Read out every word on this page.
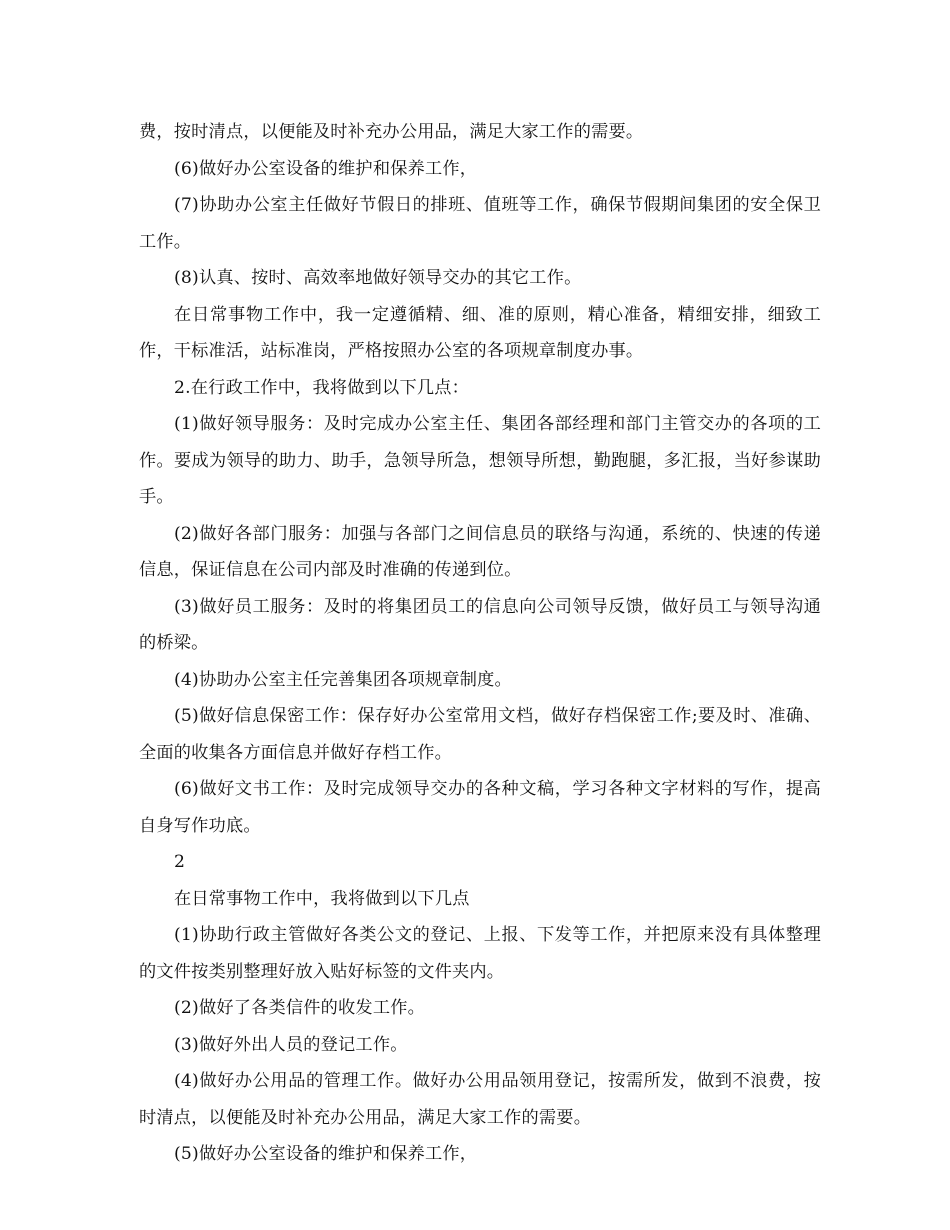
费，按时清点，以便能及时补充办公用品，满足大家工作的需要。

(6)做好办公室设备的维护和保养工作，

(7)协助办公室主任做好节假日的排班、值班等工作，确保节假期间集团的安全保卫工作。

(8)认真、按时、高效率地做好领导交办的其它工作。

在日常事物工作中，我一定遵循精、细、准的原则，精心准备，精细安排，细致工作，干标准活，站标准岗，严格按照办公室的各项规章制度办事。

2.在行政工作中，我将做到以下几点：

(1)做好领导服务：及时完成办公室主任、集团各部经理和部门主管交办的各项的工作。要成为领导的助力、助手，急领导所急，想领导所想，勤跑腿，多汇报，当好参谋助手。

(2)做好各部门服务：加强与各部门之间信息员的联络与沟通，系统的、快速的传递信息，保证信息在公司内部及时准确的传递到位。

(3)做好员工服务：及时的将集团员工的信息向公司领导反馈，做好员工与领导沟通的桥梁。

(4)协助办公室主任完善集团各项规章制度。

(5)做好信息保密工作：保存好办公室常用文档，做好存档保密工作;要及时、准确、全面的收集各方面信息并做好存档工作。

(6)做好文书工作：及时完成领导交办的各种文稿，学习各种文字材料的写作，提高自身写作功底。

2

在日常事物工作中，我将做到以下几点

(1)协助行政主管做好各类公文的登记、上报、下发等工作，并把原来没有具体整理的文件按类别整理好放入贴好标签的文件夹内。

(2)做好了各类信件的收发工作。

(3)做好外出人员的登记工作。

(4)做好办公用品的管理工作。做好办公用品领用登记，按需所发，做到不浪费，按时清点，以便能及时补充办公用品，满足大家工作的需要。

(5)做好办公室设备的维护和保养工作，
